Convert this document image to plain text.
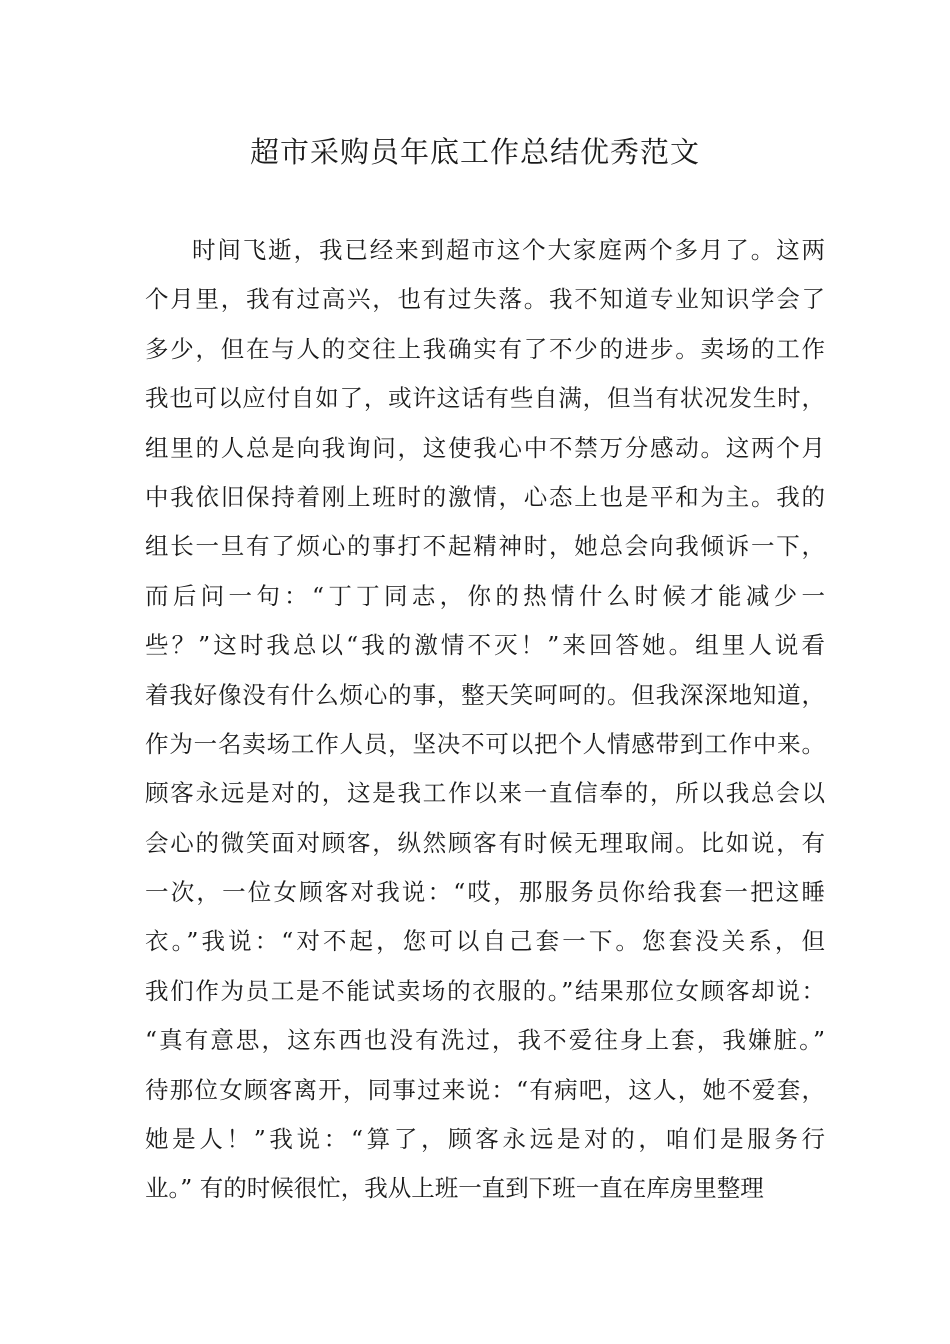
超市采购员年底工作总结优秀范文
时间飞逝，我已经来到超市这个大家庭两个多月了。这两
个月里，我有过高兴，也有过失落。我不知道专业知识学会了
多少，但在与人的交往上我确实有了不少的进步。卖场的工作
我也可以应付自如了，或许这话有些自满，但当有状况发生时，
组里的人总是向我询问，这使我心中不禁万分感动。这两个月
中我依旧保持着刚上班时的激情，心态上也是平和为主。我的
组长一旦有了烦心的事打不起精神时，她总会向我倾诉一下，
而后问一句：“丁丁同志，你的热情什么时候才能减少一
些？”这时我总以“我的激情不灭！”来回答她。组里人说看
着我好像没有什么烦心的事，整天笑呵呵的。但我深深地知道，
作为一名卖场工作人员，坚决不可以把个人情感带到工作中来。
顾客永远是对的，这是我工作以来一直信奉的，所以我总会以
会心的微笑面对顾客，纵然顾客有时候无理取闹。比如说，有
一次，一位女顾客对我说：“哎，那服务员你给我套一把这睡
衣。”我说：“对不起，您可以自己套一下。您套没关系，但
我们作为员工是不能试卖场的衣服的。”结果那位女顾客却说：
“真有意思，这东西也没有洗过，我不爱往身上套，我嫌脏。”
待那位女顾客离开，同事过来说：“有病吧，这人，她不爱套，
她是人！”我说：“算了，顾客永远是对的，咱们是服务行
业。” 有的时候很忙，我从上班一直到下班一直在库房里整理
